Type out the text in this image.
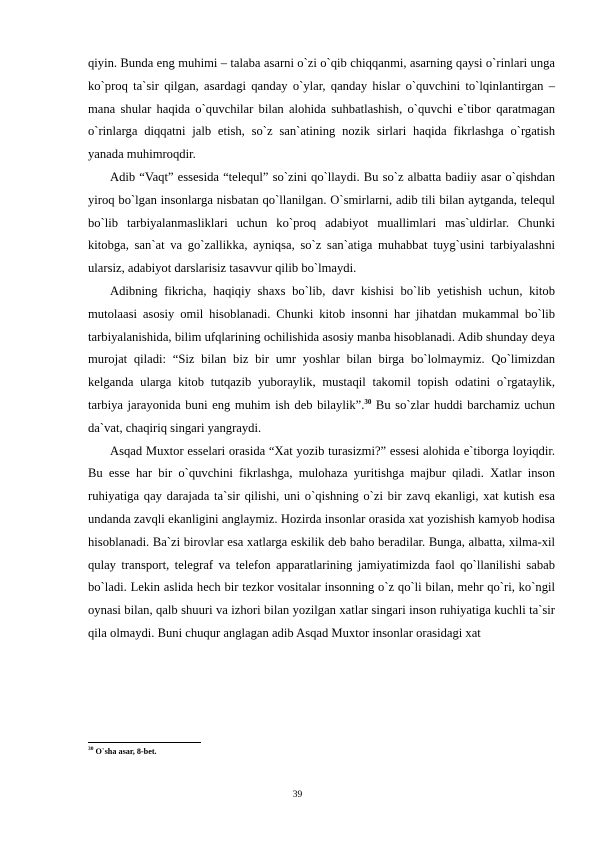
qiyin. Bunda eng muhimi – talaba asarni o`zi o`qib chiqqanmi, asarning qaysi o`rinlari unga ko`proq ta`sir qilgan, asardagi qanday o`ylar, qanday hislar o`quvchini to`lqinlantirgan – mana shular haqida o`quvchilar bilan alohida suhbatlashish, o`quvchi e`tibor qaratmagan o`rinlarga diqqatni jalb etish, so`z san`atining nozik sirlari haqida fikrlashga o`rgatish yanada muhimroqdir.

Adib “Vaqt” essesida “telequl” so`zini qo`llaydi. Bu so`z albatta badiiy asar o`qishdan yiroq bo`lgan insonlarga nisbatan qo`llanilgan. O`smirlarni, adib tili bilan aytganda, telequl bo`lib tarbiyalanmasliklari uchun ko`proq adabiyot muallimlari mas`uldirlar. Chunki kitobga, san`at va go`zallikka, ayniqsa, so`z san`atiga muhabbat tuyg`usini tarbiyalashni ularsiz, adabiyot darslarisiz tasavvur qilib bo`lmaydi.

Adibning fikricha, haqiqiy shaxs bo`lib, davr kishisi bo`lib yetishish uchun, kitob mutolaasi asosiy omil hisoblanadi. Chunki kitob insonni har jihatdan mukammal bo`lib tarbiyalanishida, bilim ufqlarining ochilishida asosiy manba hisoblanadi. Adib shunday deya murojat qiladi: “Siz bilan biz bir umr yoshlar bilan birga bo`lolmaymiz. Qo`limizdan kelganda ularga kitob tutqazib yuboraylik, mustaqil takomil topish odatini o`rgataylik, tarbiya jarayonida buni eng muhim ish deb bilaylik”.$^{30}$ Bu so`zlar huddi barchamiz uchun da`vat, chaqiriq singari yangraydi.

Asqad Muxtor esselari orasida “Xat yozib turasizmi?” essesi alohida e`tiborga loyiqdir. Bu esse har bir o`quvchini fikrlashga, mulohaza yuritishga majbur qiladi. Xatlar inson ruhiyatiga qay darajada ta`sir qilishi, uni o`qishning o`zi bir zavq ekanligi, xat kutish esa undanda zavqli ekanligini anglaymiz. Hozirda insonlar orasida xat yozishish kamyob hodisa hisoblanadi. Ba`zi birovlar esa xatlarga eskilik deb baho beradilar. Bunga, albatta, xilma-xil qulay transport, telegraf va telefon apparatlarining jamiyatimizda faol qo`llanilishi sabab bo`ladi. Lekin aslida hech bir tezkor vositalar insonning o`z qo`li bilan, mehr qo`ri, ko`ngil oynasi bilan, qalb shuuri va izhori bilan yozilgan xatlar singari inson ruhiyatiga kuchli ta`sir qila olmaydi. Buni chuqur anglagan adib Asqad Muxtor insonlar orasidagi xat

$^{30}$ O`sha asar, 8-bet.
39
